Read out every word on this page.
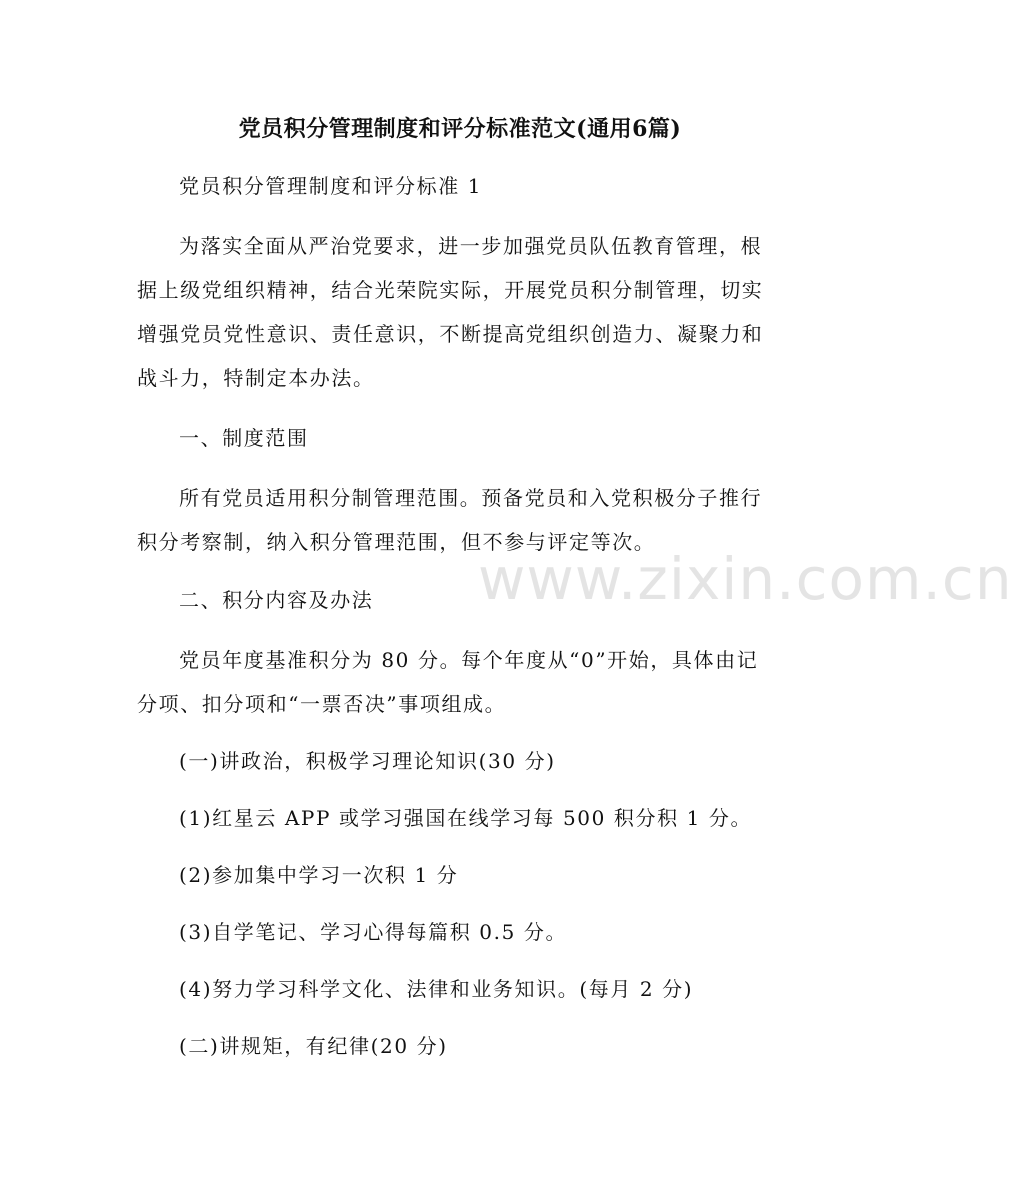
党员积分管理制度和评分标准范文(通用6篇)

党员积分管理制度和评分标准 1

为落实全面从严治党要求，进一步加强党员队伍教育管理，根据上级党组织精神，结合光荣院实际，开展党员积分制管理，切实增强党员党性意识、责任意识，不断提高党组织创造力、凝聚力和战斗力，特制定本办法。

一、制度范围

所有党员适用积分制管理范围。预备党员和入党积极分子推行积分考察制，纳入积分管理范围，但不参与评定等次。

二、积分内容及办法

党员年度基准积分为 80 分。每个年度从“0”开始，具体由记分项、扣分项和“一票否决”事项组成。

(一)讲政治，积极学习理论知识(30 分)

(1)红星云 APP 或学习强国在线学习每 500 积分积 1 分。

(2)参加集中学习一次积 1 分

(3)自学笔记、学习心得每篇积 0.5 分。

(4)努力学习科学文化、法律和业务知识。(每月 2 分)

(二)讲规矩，有纪律(20 分)

www.zixin.com.cn
